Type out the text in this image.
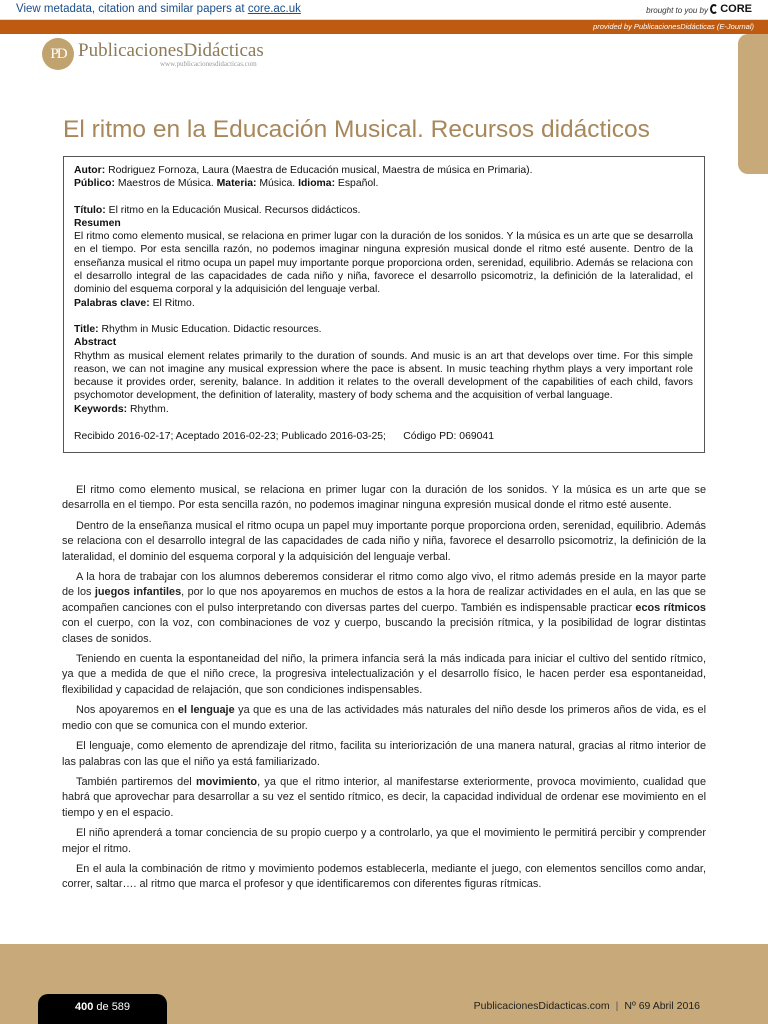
View metadata, citation and similar papers at core.ac.uk	brought to you by CORE
provided by PublicacionesDidácticas (E-Journal)
PD PublicacionesDidácticas
www.publicacionesdidacticas.com
El ritmo en la Educación Musical. Recursos didácticos
Autor: Rodriguez Fornoza, Laura (Maestra de Educación musical, Maestra de música en Primaria).
Público: Maestros de Música. Materia: Música. Idioma: Español.
Título: El ritmo en la Educación Musical. Recursos didácticos.
Resumen
El ritmo como elemento musical, se relaciona en primer lugar con la duración de los sonidos. Y la música es un arte que se desarrolla en el tiempo. Por esta sencilla razón, no podemos imaginar ninguna expresión musical donde el ritmo esté ausente. Dentro de la enseñanza musical el ritmo ocupa un papel muy importante porque proporciona orden, serenidad, equilibrio. Además se relaciona con el desarrollo integral de las capacidades de cada niño y niña, favorece el desarrollo psicomotriz, la definición de la lateralidad, el dominio del esquema corporal y la adquisición del lenguaje verbal.
Palabras clave: El Ritmo.
Title: Rhythm in Music Education. Didactic resources.
Abstract
Rhythm as musical element relates primarily to the duration of sounds. And music is an art that develops over time. For this simple reason, we can not imagine any musical expression where the pace is absent. In music teaching rhythm plays a very important role because it provides order, serenity, balance. In addition it relates to the overall development of the capabilities of each child, favors psychomotor development, the definition of laterality, mastery of body schema and the acquisition of verbal language.
Keywords: Rhythm.
Recibido 2016-02-17; Aceptado 2016-02-23; Publicado 2016-03-25; Código PD: 069041

El ritmo como elemento musical, se relaciona en primer lugar con la duración de los sonidos. Y la música es un arte que se desarrolla en el tiempo. Por esta sencilla razón, no podemos imaginar ninguna expresión musical donde el ritmo esté ausente.

Dentro de la enseñanza musical el ritmo ocupa un papel muy importante porque proporciona orden, serenidad, equilibrio. Además se relaciona con el desarrollo integral de las capacidades de cada niño y niña, favorece el desarrollo psicomotriz, la definición de la lateralidad, el dominio del esquema corporal y la adquisición del lenguaje verbal.

A la hora de trabajar con los alumnos deberemos considerar el ritmo como algo vivo, el ritmo además preside en la mayor parte de los juegos infantiles, por lo que nos apoyaremos en muchos de estos a la hora de realizar actividades en el aula, en las que se acompañen canciones con el pulso interpretando con diversas partes del cuerpo. También es indispensable practicar ecos rítmicos con el cuerpo, con la voz, con combinaciones de voz y cuerpo, buscando la precisión rítmica, y la posibilidad de lograr distintas clases de sonidos.

Teniendo en cuenta la espontaneidad del niño, la primera infancia será la más indicada para iniciar el cultivo del sentido rítmico, ya que a medida de que el niño crece, la progresiva intelectualización y el desarrollo físico, le hacen perder esa espontaneidad, flexibilidad y capacidad de relajación, que son condiciones indispensables.

Nos apoyaremos en el lenguaje ya que es una de las actividades más naturales del niño desde los primeros años de vida, es el medio con que se comunica con el mundo exterior.

El lenguaje, como elemento de aprendizaje del ritmo, facilita su interiorización de una manera natural, gracias al ritmo interior de las palabras con las que el niño ya está familiarizado.

También partiremos del movimiento, ya que el ritmo interior, al manifestarse exteriormente, provoca movimiento, cualidad que habrá que aprovechar para desarrollar a su vez el sentido rítmico, es decir, la capacidad individual de ordenar ese movimiento en el tiempo y en el espacio.

El niño aprenderá a tomar conciencia de su propio cuerpo y a controlarlo, ya que el movimiento le permitirá percibir y comprender mejor el ritmo.

En el aula la combinación de ritmo y movimiento podemos establecerla, mediante el juego, con elementos sencillos como andar, correr, saltar…. al ritmo que marca el profesor y que identificaremos con diferentes figuras rítmicas.

400 de 589	PublicacionesDidacticas.com | Nº 69 Abril 2016
